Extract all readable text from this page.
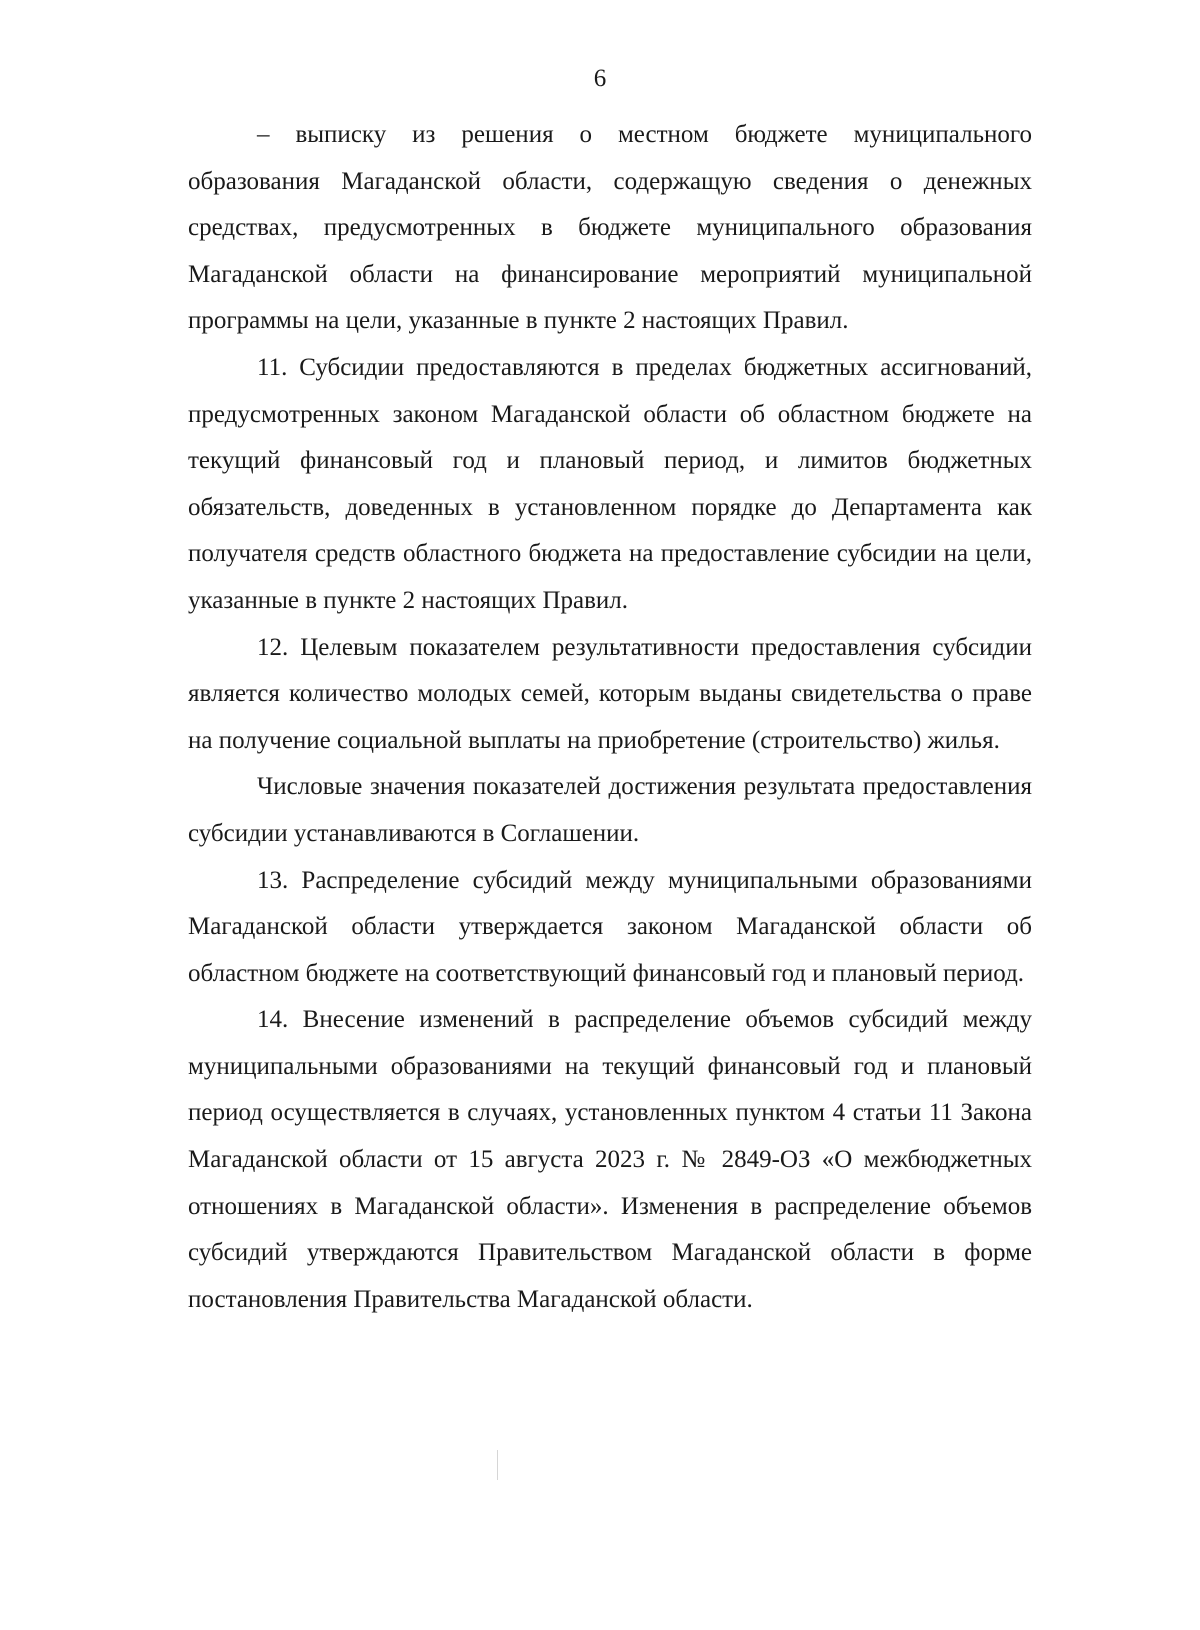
6

– выписку из решения о местном бюджете муниципального образования Магаданской области, содержащую сведения о денежных средствах, предусмотренных в бюджете муниципального образования Магаданской области на финансирование мероприятий муниципальной программы на цели, указанные в пункте 2 настоящих Правил.

11. Субсидии предоставляются в пределах бюджетных ассигнований, предусмотренных законом Магаданской области об областном бюджете на текущий финансовый год и плановый период, и лимитов бюджетных обязательств, доведенных в установленном порядке до Департамента как получателя средств областного бюджета на предоставление субсидии на цели, указанные в пункте 2 настоящих Правил.

12. Целевым показателем результативности предоставления субсидии является количество молодых семей, которым выданы свидетельства о праве на получение социальной выплаты на приобретение (строительство) жилья.

Числовые значения показателей достижения результата предоставления субсидии устанавливаются в Соглашении.

13. Распределение субсидий между муниципальными образованиями Магаданской области утверждается законом Магаданской области об областном бюджете на соответствующий финансовый год и плановый период.

14. Внесение изменений в распределение объемов субсидий между муниципальными образованиями на текущий финансовый год и плановый период осуществляется в случаях, установленных пунктом 4 статьи 11 Закона Магаданской области от 15 августа 2023 г. № 2849-ОЗ «О межбюджетных отношениях в Магаданской области». Изменения в распределение объемов субсидий утверждаются Правительством Магаданской области в форме постановления Правительства Магаданской области.
